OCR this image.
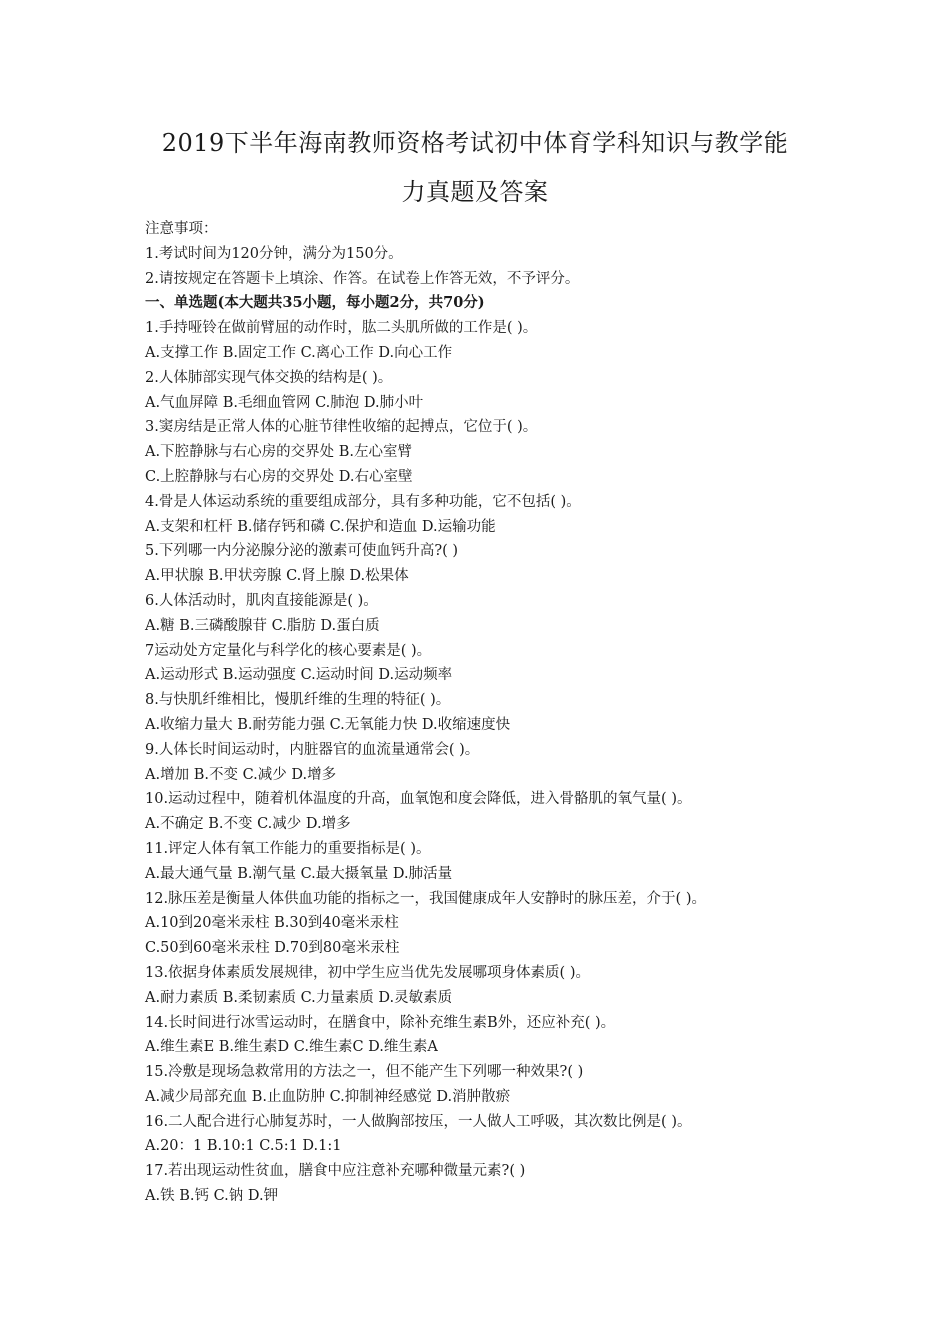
2019下半年海南教师资格考试初中体育学科知识与教学能
力真题及答案
注意事项：
1.考试时间为120分钟，满分为150分。
2.请按规定在答题卡上填涂、作答。在试卷上作答无效，不予评分。
一、单选题(本大题共35小题，每小题2分，共70分)
1.手持哑铃在做前臂屈的动作时，肱二头肌所做的工作是( )。
A.支撑工作 B.固定工作 C.离心工作 D.向心工作
2.人体肺部实现气体交换的结构是( )。
A.气血屏障 B.毛细血管网 C.肺泡 D.肺小叶
3.窦房结是正常人体的心脏节律性收缩的起搏点，它位于( )。
A.下腔静脉与右心房的交界处 B.左心室臂
C.上腔静脉与右心房的交界处 D.右心室壁
4.骨是人体运动系统的重要组成部分，具有多种功能，它不包括( )。
A.支架和杠杆 B.储存钙和磷 C.保护和造血 D.运输功能
5.下列哪一内分泌腺分泌的激素可使血钙升高?( )
A.甲状腺 B.甲状旁腺 C.肾上腺 D.松果体
6.人体活动时，肌肉直接能源是( )。
A.糖 B.三磷酸腺苷 C.脂肪 D.蛋白质
7运动处方定量化与科学化的核心要素是( )。
A.运动形式 B.运动强度 C.运动时间 D.运动频率
8.与快肌纤维相比，慢肌纤维的生理的特征( )。
A.收缩力量大 B.耐劳能力强 C.无氧能力快 D.收缩速度快
9.人体长时间运动时，内脏器官的血流量通常会( )。
A.增加 B.不变 C.减少 D.增多
10.运动过程中，随着机体温度的升高，血氧饱和度会降低，进入骨骼肌的氧气量( )。
A.不确定 B.不变 C.减少 D.增多
11.评定人体有氧工作能力的重要指标是( )。
A.最大通气量 B.潮气量 C.最大摄氧量 D.肺活量
12.脉压差是衡量人体供血功能的指标之一，我国健康成年人安静时的脉压差，介于( )。
A.10到20毫米汞柱 B.30到40毫米汞柱
C.50到60毫米汞柱 D.70到80毫米汞柱
13.依据身体素质发展规律，初中学生应当优先发展哪项身体素质( )。
A.耐力素质 B.柔韧素质 C.力量素质 D.灵敏素质
14.长时间进行冰雪运动时，在膳食中，除补充维生素B外，还应补充( )。
A.维生素E B.维生素D C.维生素C D.维生素A
15.冷敷是现场急救常用的方法之一，但不能产生下列哪一种效果?( )
A.减少局部充血 B.止血防肿 C.抑制神经感觉 D.消肿散瘀
16.二人配合进行心肺复苏时，一人做胸部按压，一人做人工呼吸，其次数比例是( )。
A.20：1 B.10:1 C.5:1 D.1:1
17.若出现运动性贫血，膳食中应注意补充哪种微量元素?( )
A.铁 B.钙 C.钠 D.钾
